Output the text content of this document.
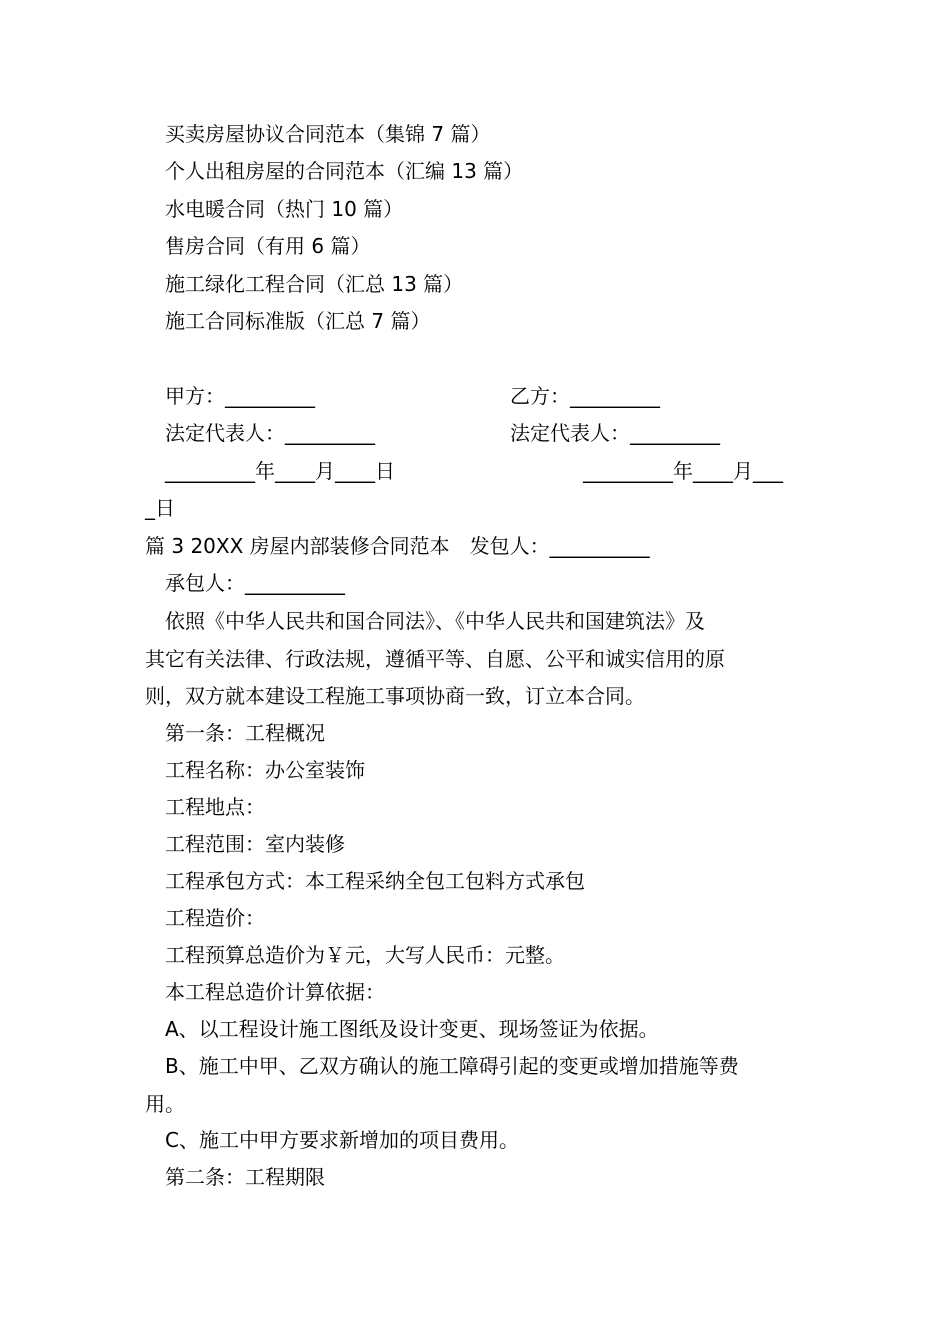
买卖房屋协议合同范本（集锦 7 篇）
个人出租房屋的合同范本（汇编 13 篇）
水电暖合同（热门 10 篇）
售房合同（有用 6 篇）
施工绿化工程合同（汇总 13 篇）
施工合同标准版（汇总 7 篇）
甲方：_________	乙方：_________
法定代表人：_________	法定代表人：_________
_________年____月____日	_________年____月___
_日
篇 3 20XX 房屋内部装修合同范本　发包人：__________
承包人：__________
依照《中华人民共和国合同法》、《中华人民共和国建筑法》及
其它有关法律、行政法规，遵循平等、自愿、公平和诚实信用的原
则，双方就本建设工程施工事项协商一致，订立本合同。
第一条：工程概况
工程名称：办公室装饰
工程地点：
工程范围：室内装修
工程承包方式：本工程采纳全包工包料方式承包
工程造价：
工程预算总造价为￥元，大写人民币：元整。
本工程总造价计算依据：
A、以工程设计施工图纸及设计变更、现场签证为依据。
B、施工中甲、乙双方确认的施工障碍引起的变更或增加措施等费
用。
C、施工中甲方要求新增加的项目费用。
第二条：工程期限
